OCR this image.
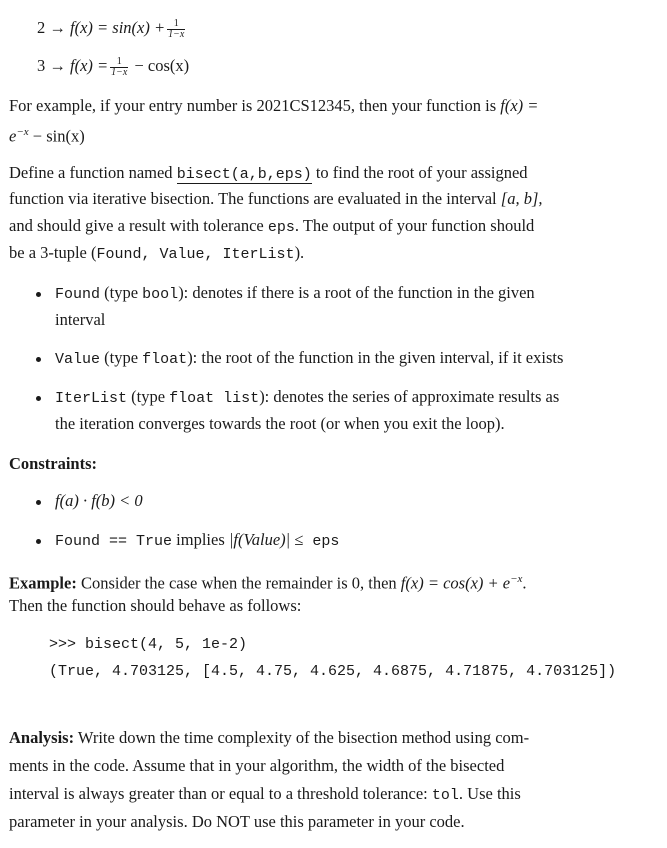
$2 \to f(x) = \sin(x) + \frac{1}{1-x}$
$3 \to f(x) = \frac{1}{1-x} - \cos(x)$
For example, if your entry number is 2021CS12345, then your function is f(x) =
$e^{-x} - \sin(x)$
Define a function named bisect(a,b,eps) to find the root of your assigned
function via iterative bisection. The functions are evaluated in the interval [a, b],
and should give a result with tolerance eps. The output of your function should
be a 3-tuple (Found, Value, IterList).
Found (type bool): denotes if there is a root of the function in the given
interval
Value (type float): the root of the function in the given interval, if it exists
IterList (type float list): denotes the series of approximate results as
the iteration converges towards the root (or when you exit the loop).
Constraints:
f(a) · f(b) < 0
Found == True implies |f(Value)| ≤ eps
Example: Consider the case when the remainder is 0, then $f(x) = \cos(x) + e^{-x}$.
Then the function should behave as follows:
>>> bisect(4, 5, 1e-2)
(True, 4.703125, [4.5, 4.75, 4.625, 4.6875, 4.71875, 4.703125])
Analysis: Write down the time complexity of the bisection method using com-
ments in the code. Assume that in your algorithm, the width of the bisected
interval is always greater than or equal to a threshold tolerance: tol. Use this
parameter in your analysis. Do NOT use this parameter in your code.
